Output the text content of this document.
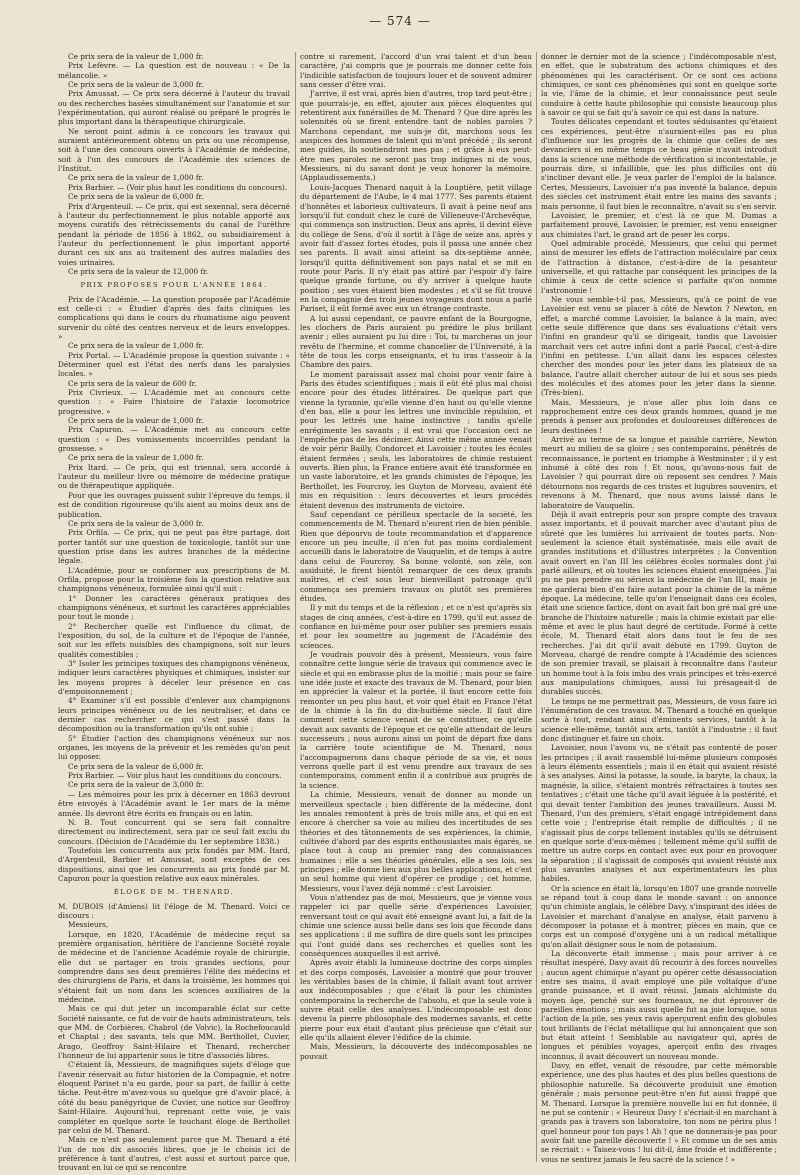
— 574 —

Ce prix sera de la valeur de 1,000 fr.

Prix Lefèvre. — La question est de nouveau : « De la mélancolie. »

Ce prix sera de la valeur de 3,000 fr.

Prix Amussat. — Ce prix sera décerné à l'auteur du travail ou des recherches basées simultanément sur l'anatomie et sur l'expérimentation, qui auront réalisé ou préparé le progrès le plus important dans la thérapeutique chirurgicale.

Ne seront point admis à ce concours les travaux qui auraient antérieurement obtenu un prix ou une récompense, soit à l'une des concours ouverts à l'Académie de médecine, soit à l'un des concours de l'Académie des sciences de l'Institut.

Ce prix sera de la valeur de 1,000 fr.

Prix Barbier. — (Voir plus haut les conditions du concours).

Ce prix sera de la valeur de 6,000 fr.

Prix d'Argenteuil. — Ce prix, qui est sexennal, sera décerné à l'auteur du perfectionnement le plus notable apporté aux moyens curatifs des rétrécissements du canal de l'urèthre pendant la période de 1856 à 1862, ou subsidiairement à l'auteur du perfectionnement le plus important apporté durant ces six ans au traitement des autres maladies des voies urinaires.

Ce prix sera de la valeur de 12,000 fr.

PRIX PROPOSÉS POUR L'ANNÉE 1864.

Prix de l'Académie. — La question proposée par l'Académie est celle-ci : « Étudier d'après des faits cliniques les complications qui dans le cours du rhumatisme aigu peuvent survenir du côté des centres nerveux et de leurs enveloppes. »

Ce prix sera de la valeur de 1,000 fr.

Prix Portal. — L'Académie propose la question suivante : « Déterminer quel est l'état des nerfs dans les paralysies locales. »

Ce prix sera de la valeur de 600 fr.

Prix Civrieux. — L'Académie met au concours cette question : « Faire l'histoire de l'ataxie locomotrice progressive. »

Ce prix sera de la valeur de 1,000 fr.

Prix Capuron. — L'Académie met au concours cette question : « Des vomissements incoercibles pendant la grossesse. »

Ce prix sera de la valeur de 1,000 fr.

Prix Itard. — Ce prix, qui est triennal, sera accordé à l'auteur du meilleur livre ou mémoire de médecine pratique ou de thérapeutique appliquée.

Pour que les ouvrages puissent subir l'épreuve du temps, il est de condition rigoureuse qu'ils aient au moins deux ans de publication.

Ce prix sera de la valeur de 3,000 fr.

Prix Orfila. — Ce prix, qui ne peut pas être partagé, doit porter tantôt sur une question de toxicologie, tantôt sur une question prise dans les autres branches de la médecine légale.

L'Académie, pour se conformer aux prescriptions de M. Orfila, propose pour la troisième fois la question relative aux champignons vénéneux, formulée ainsi qu'il suit :

1° Donner les caractères généraux pratiques des champignons vénéneux, et surtout les caractères appréciables pour tout le monde ;

2° Rechercher quelle est l'influence du climat, de l'exposition, du sol, de la culture et de l'époque de l'année, soit sur les effets nuisibles des champignons, soit sur leurs qualités comestibles ;

3° Isoler les principes toxiques des champignons vénéneux, indiquer leurs caractères physiques et chimiques, insister sur les moyens propres à déceler leur présence en cas d'empoisonnement ;

4° Examiner s'il est possible d'enlever aux champignons leurs principes vénéneux ou de les neutraliser, et dans ce dernier cas rechercher ce qui s'est passé dans la décomposition ou la transformation qu'ils ont subie ;

5° Étudier l'action des champignons vénéneux sur nos organes, les moyens de la prévenir et les remèdes qu'on peut lui opposer.

Ce prix sera de la valeur de 6,000 fr.

Prix Barbier. — Voir plus haut les conditions du concours.

Ce prix sera de la valeur de 3,000 fr.

— Les mémoires pour les prix à décerner en 1863 devront être envoyés à l'Académie avant le 1er mars de la même année. Ils devront être écrits en français ou en latin.

N. B. Tout concurrent qui se sera fait connaître directement ou indirectement, sera par ce seul fait exclu du concours. (Décision de l'Académie du 1er septembre 1838.)

Toutefois les concurrents aux prix fondés par MM. Itard, d'Argenteuil, Barbier et Amussat, sont exceptés de ces dispositions, ainsi que les concurrents au prix fondé par M. Capuron pour la question relative aux eaux minérales.

ÉLOGE DE M. THENARD.

M. DUBOIS (d'Amiens) lit l'éloge de M. Thenard. Voici ce discours :

Messieurs,

Lorsque, en 1820, l'Académie de médecine reçut sa première organisation, héritière de l'ancienne Société royale de médecine et de l'ancienne Académie royale de chirurgie, elle dut se partager en trois grandes sections, pour comprendre dans ses deux premières l'élite des médecins et des chirurgiens de Paris, et dans la troisième, les hommes qui s'étaient fait un nom dans les sciences auxiliaires de la médecine.

Mais ce qui dut jeter un incomparable éclat sur cette Société naissante, ce fut de voir de hauts administrateurs, tels que MM. de Corbières, Chabrol (de Volvic), la Rochefoucauld et Chaptal ; des savants, tels que MM. Berthollet, Cuvier, Arago, Geoffroy Saint-Hilaire et Thenard, rechercher l'honneur de lui appartenir sous le titre d'associés libres.

C'étaient là, Messieurs, de magnifiques sujets d'éloge que l'avenir réservait au futur historien de la Compagnie, et notre éloquent Pariset n'a eu garde, pour sa part, de faillir à cette tâche. Peut-être m'avez-vous su quelque gré d'avoir placé, à côté du beau panégyrique de Cuvier, une notice sur Geoffroy Saint-Hilaire. Aujourd'hui, reprenant cette voie, je vais compléter en quelque sorte le touchant éloge de Berthollet par celui de M. Thenard.

Mais ce n'est pas seulement parce que M. Thenard a été l'un de nos dix associés libres, que je le choisis ici de préférence à tant d'autres, c'est aussi et surtout parce que, trouvant en lui ce qui se rencontre

contre si rarement, l'accord d'un vrai talent et d'un beau caractère, j'ai compris que je pourrais me donner cette fois l'indicible satisfaction de toujours louer et de souvent admirer sans cesser d'être vrai.

J'arrive, il est vrai, après bien d'autres, trop tard peut-être ; que pourrais-je, en effet, ajouter aux pièces éloquentes qui retentirent aux funérailles de M. Thenard ? Que dire après les solennités où se firent entendre tant de nobles paroles ? Marchons cependant, me suis-je dit, marchons sous les auspices des hommes de talent qui m'ont précédé ; ils seront mes guides, ils soutiendront mes pas ; et grâce à eux peut-être mes paroles ne seront pas trop indignes ni de vous, Messieurs, ni du savant dont je veux honorer la mémoire. (Applaudissements.)

Louis-Jacques Thenard naquit à la Louptière, petit village du département de l'Aube, le 4 mai 1777. Ses parents étaient d'honnêtes et laborieux cultivateurs. Il avait à peine neuf ans lorsqu'il fut conduit chez le curé de Villeneuve-l'Archevêque, qui commença son instruction. Deux ans après, il devint élève du collège de Sens, d'où il sortit à l'âge de seize ans, après y avoir fait d'assez fortes études, puis il passa une année chez ses parents. Il avait ainsi atteint sa dix-septième année, lorsqu'il quitta définitivement son pays natal et se mit en route pour Paris. Il n'y était pas attiré par l'espoir d'y faire quelque grande fortune, ou d'y arriver à quelque haute position ; ses vues étaient bien modestes ; et s'il se fût trouvé en la compagnie des trois jeunes voyageurs dont nous a parlé Pariset, il eût formé avec eux un étrange contraste.

A lui aussi cependant, ce pauvre enfant de la Bourgogne, les clochers de Paris auraient pu prédire le plus brillant avenir ; elles auraient pu lui dire : Toi, tu marcheras un jour revêtu de l'hermine, et comme chancelier de l'Université, à la tête de tous les corps enseignants, et tu iras t'asseoir à la Chambre des pairs.

Le moment paraissait assez mal choisi pour venir faire à Paris des études scientifiques ; mais il eût été plus mal choisi encore pour des études littéraires. De quelque part que vienne la tyrannie, qu'elle vienne d'en haut ou qu'elle vienne d'en bas, elle a pour les lettres une invincible répulsion, et pour les lettrés une haine instinctive ; tandis qu'elle enrégimente les savants ; il est vrai que l'occasion ceci ne l'empêche pas de les décimer. Ainsi cette même année venait de voir périr Bailly, Condorcet et Lavoisier ; toutes les écoles étaient fermées ; seuls, les laboratoires de chimie restaient ouverts. Bien plus, la France entière avait été transformée en un vaste laboratoire, et les grands chimistes de l'époque, les Berthollet, les Fourcroy, les Guyton de Morveau, avaient été mis en réquisition : leurs découvertes et leurs procédés étaient devenus des instruments de victoire.

Sauf cependant ce périlleux spectacle de la société, les commencements de M. Thenard n'eurent rien de bien pénible. Rien que dépourvu de toute recommandation et d'apparence encore un peu inculte, il n'en fut pas moins cordialement accueilli dans le laboratoire de Vauquelin, et de temps à autre dans celui de Fourcroy. Sa bonne volonté, son zèle, son assiduité, le firent bientôt remarquer de ces deux grands maîtres, et c'est sous leur bienveillant patronage qu'il commença ses premiers travaux ou plutôt ses premières études.

Il y mit du temps et de la réflexion ; et ce n'est qu'après six stages de cinq années, c'est-à-dire en 1799, qu'il eut assez de confiance en lui-même pour oser publier ses premiers essais et pour les soumettre au jugement de l'Académie des sciences.

Je voudrais pouvoir dès à présent, Messieurs, vous faire connaître cette longue série de travaux qui commence avec le siècle et qui en embrasse plus de la moitié ; mais pour se faire une idée juste et exacte des travaux de M. Thenard, pour bien en apprécier la valeur et la portée, il faut encore cette fois remonter un peu plus haut, et voir quel était en France l'état de la chimie à la fin du dix-huitième siècle. Il faut dire comment cette science venait de se constituer, ce qu'elle devait aux savants de l'époque et ce qu'elle attendait de leurs successeurs ; nous aurons ainsi un point de départ fixe dans la carrière toute scientifique de M. Thenard, nous l'accompagnerons dans chaque période de sa vie, et nous verrons quelle part il est venu prendre aux travaux de ses contemporains, comment enfin il a contribué aux progrès de la science.

La chimie, Messieurs, venait de donner au monde un merveilleux spectacle ; bien différente de la médecine, dont les annales remontent à près de trois mille ans, et qui en est encore à chercher sa voie au milieu des incertitudes de ses théories et des tâtonnements de ses expériences, la chimie, cultivée d'abord par des esprits enthousiastes mais égarés, se place tout à coup au premier rang des connaissances humaines : elle a ses théories générales, elle a ses lois, ses principes ; elle donne lieu aux plus belles applications, et c'est un seul homme qui vient d'opérer ce prodige ; cet homme, Messieurs, vous l'avez déjà nommé : c'est Lavoisier.

Vous n'attendez pas de moi, Messieurs, que je vienne vous rappeler ici par quelle série d'expériences Lavoisier, renversant tout ce qui avait été enseigné avant lui, a fait de la chimie une science aussi belle dans ses lois que féconde dans ses applications : il me suffira de dire quels sont les principes qui l'ont guidé dans ses recherches et quelles sont les conséquences auxquelles il est arrivé.

Après avoir établi la lumineuse doctrine des corps simples et des corps composés, Lavoisier a montré que pour trouver les véritables bases de la chimie, il fallait avant tout arriver aux indécomposables ; que c'était là pour les chimistes contemporains la recherche de l'absolu, et que la seule voie à suivre était celle des analyses. L'indécomposable est donc devenu la pierre philosophale des modernes savants, et cette pierre pour eux était d'autant plus précieuse que c'était sur elle qu'ils allaient élever l'édifice de la chimie.

Mais, Messieurs, la découverte des indécomposables ne pouvait

donner le dernier mot de la science ; l'indécomposable n'est, en effet, que le substratum des actions chimiques et des phénomènes qui les caractérisent. Or ce sont ces actions chimiques, ce sont ces phénomènes qui sont en quelque sorte la vie, l'âme de la chimie, et leur connaissance peut seule conduire à cette haute philosophie qui consiste beaucoup plus à savoir ce qui se fait qu'à savoir ce qui est dans la nature.

Toutes délicates cependant et toutes séduisantes qu'étaient ces expériences, peut-être n'auraient-elles pas eu plus d'influence sur les progrès de la chimie que celles de ses devanciers si en même temps ce beau génie n'avait introduit dans la science une méthode de vérification si incontestable, je pourrais dire, si infaillible, que les plus difficiles ont dû s'incliner devant elle. Je veux parler de l'emploi de la balance. Certes, Messieurs, Lavoisier n'a pas inventé la balance, depuis des siècles cet instrument était entre les mains des savants ; mais personne, il faut bien le reconnaître, n'avait su s'en servir.

Lavoisier, le premier, et c'est là ce que M. Dumas a parfaitement prouvé, Lavoisier, le premier, est venu enseigner aux chimistes l'art, le grand art de peser les corps.

Quel admirable procédé, Messieurs, que celui qui permet ainsi de mesurer les effets de l'attraction moléculaire par ceux de l'attraction à distance, c'est-à-dire de la pesanteur universelle, et qui rattache par conséquent les principes de la chimie à ceux de cette science si parfaite qu'on nomme l'astronomie !

Ne vous semble-t-il pas, Messieurs, qu'à ce point de vue Lavoisier est venu se placer à côté de Newton ? Newton, en effet, a marché comme Lavoisier, la balance à la main, avec cette seule différence que dans ses évaluations c'était vers l'infini en grandeur qu'il se dirigeait, tandis que Lavoisier marchait vers cet autre infini dont a parlé Pascal, c'est-à-dire l'infini en petitesse. L'un allait dans les espaces célestes chercher des mondes pour les jeter dans les plateaux de sa balance, l'autre allait chercher autour de lui et sous ses pieds des molécules et des atomes pour les jeter dans la sienne. (Très-bien).

Mais, Messieurs, je n'ose aller plus loin dans ce rapprochement entre ces deux grands hommes, quand je me prends à penser aux profondes et douloureuses différences de leurs destinées !

Arrivé au terme de sa longue et paisible carrière, Newton meurt au milieu de sa gloire ; ses contemporains, pénétrés de reconnaissance, le portent en triomphe à Westminster ; il y est inhumé à côté des rois ! Et nous, qu'avons-nous fait de Lavoisier ? qui pourrait dire où reposent ses cendres ? Mais détournons nos regards de ces tristes et lugubres souvenirs, et revenons à M. Thenard, que nous avons laissé dans le laboratoire de Vauquelin.

Déjà il avait entrepris pour son propre compte des travaux assez importants, et il pouvait marcher avec d'autant plus de sûreté que les lumières lui arrivaient de toutes parts. Non-seulement la science était systématisée, mais elle avait de grandes institutions et d'illustres interprètes ; la Convention avait ouvert en l'an III les célèbres écoles normales dont j'ai parlé ailleurs, et où toutes les sciences étaient enseignées. J'ai pu ne pas prendre au sérieux la médecine de l'an III, mais je me garderai bien d'en faire autant pour la chimie de la même époque. La médecine, telle qu'on l'enseignait dans ces écoles, était une science factice, dont on avait fait bon gré mal gré une branche de l'histoire naturelle ; mais la chimie existait par elle-même et avec le plus haut degré de certitude. Formé à cette école, M. Thenard était alors dans tout le feu de ses recherches. J'ai dit qu'il avait débuté en 1799. Guyton de Morveau, chargé de rendre compte à l'Académie des sciences de son premier travail, se plaisait à reconnaître dans l'auteur un homme tout à la fois imbu des vrais principes et très-exercé aux manipulations chimiques, aussi lui présageait-il de durables succès.

Le temps ne me permettrait pas, Messieurs, de vous faire ici l'énumération de ces travaux. M. Thenard a touché en quelque sorte à tout, rendant ainsi d'éminents services, tantôt à la science elle-même, tantôt aux arts, tantôt à l'industrie ; il faut donc distinguer et faire un choix.

Lavoisier, nous l'avons vu, ne s'était pas contenté de poser les principes ; il avait rassemblé lui-même plusieurs composés à leurs éléments essentiels ; mais il en était qui avaient résisté à ses analyses. Ainsi la potasse, la soude, la baryte, la chaux, la magnésie, la silice, s'étaient montrés réfractaires à toutes ses tentatives ; c'était une tâche qu'il avait léguée à la postérité, et qui devait tenter l'ambition des jeunes travailleurs. Aussi M. Thenard, l'un des premiers, s'était engagé intrépidement dans cette voie ; l'entreprise était remplie de difficultés ; il ne s'agissait plus de corps tellement instables qu'ils se détruisent en quelque sorte d'eux-mêmes ; tellement même qu'il suffit de mettre un autre corps en contact avec eux pour en provoquer la séparation ; il s'agissait de composés qui avaient résisté aux plus savantes analyses et aux expérimentateurs les plus habiles.

Or la science en était là, lorsqu'en 1807 une grande nouvelle se répand tout à coup dans le monde savant : on annonce qu'un chimiste anglais, le célèbre Davy, s'inspirant des idées de Lavoisier et marchant d'analyse en analyse, était parvenu à décomposer la potasse et à montrer, pièces en main, que ce corps est un composé d'oxygène uni à un radical métallique qu'on allait désigner sous le nom de potassium.

La découverte était immense ; mais pour arriver à ce résultat inespéré, Davy avait dû recourir à des forces nouvelles ; aucun agent chimique n'ayant pu opérer cette désassociation entre ses mains, il avait employé une pile voltaïque d'une grande puissance, et il avait réussi. Jamais alchimiste du moyen âge, penché sur ses fourneaux, ne dut éprouver de pareilles émotions ; mais aussi quelle fut sa joie lorsque, sous l'action de la pile, ses yeux ravis aperçurent enfin des globules tout brillants de l'éclat métallique qui lui annonçaient que son but était atteint ! Semblable au navigateur qui, après de longues et pénibles voyages, aperçoit enfin des rivages inconnus, il avait découvert un nouveau monde.

Davy, en effet, venait de résoudre, par cette mémorable expérience, une des plus hautes et des plus belles questions de philosophie naturelle. Sa découverte produisit une émotion générale ; mais personne peut-être n'en fut aussi frappé que M. Thenard. Lorsque la première nouvelle lui en fut donnée, il ne put se contenir : « Heureux Davy ! s'écriait-il en marchant à grands pas à travers son laboratoire, ton nom ne périra plus ! quel honneur pour ton pays ! Ah ! que ne donnerais-je pas pour avoir fait une pareille découverte ! » Et comme un de ses amis se récriait : « Taisez-vous ! lui dit-il, âme froide et indifférente ; vous ne sentirez jamais le feu sacré de la science ! »
